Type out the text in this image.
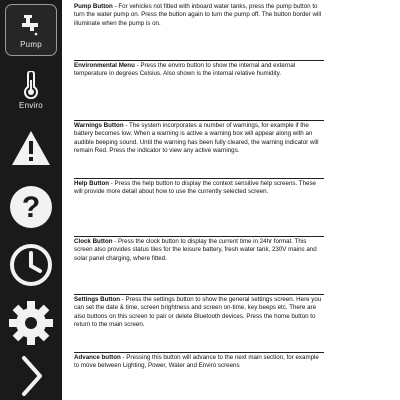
Pump
Enviro
?

Pump Button - For vehicles not fitted with inboard water tanks, press the pump button to turn the water pump on. Press the button again to turn the pump off. The button border will illuminate when the pump is on.

Environmental Menu - Press the enviro button to show the internal and external temperature in degrees Celsius. Also shown is the internal relative humidity.

Warnings Button - The system incorporates a number of warnings, for example if the battery becomes low. When a warning is active a warning box will appear along with an audible beeping sound. Until the warning has been fully cleared, the warning indicator will remain Red. Press the indicator to view any active warnings.

Help Button - Press the help button to display the context sensitive help screens. These will provide more detail about how to use the currently selected screen.

Clock Button - Press the clock button to display the current time in 24hr format. This screen also provides status tiles for the leisure battery, fresh water tank, 230V mains and solar panel charging, where fitted.

Settings Button - Press the settings button to show the general settings screen. Here you can set the date & time, screen brightness and screen on-time, key beeps etc. There are also buttons on this screen to pair or delete Bluetooth devices. Press the home button to return to the main screen.

Advance button - Pressing this button will advance to the next main section, for example to move between Lighting, Power, Water and Enviro screens
